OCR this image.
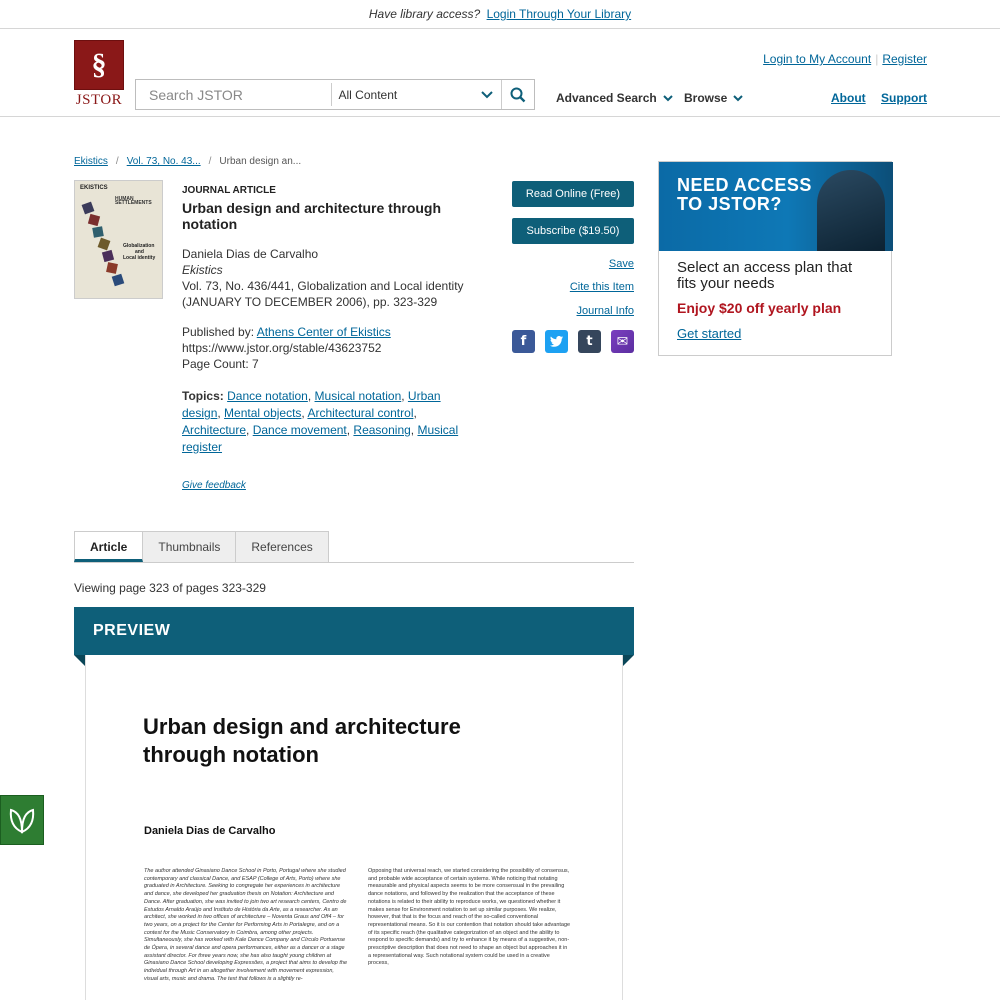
Have library access? Login Through Your Library
§
JSTOR
Search JSTOR	All Content	Advanced Search Browse
Login to My Account | Register
About Support
Ekistics / Vol. 73, No. 43... / Urban design an...
EKISTICS
HUMAN SETTLEMENTS
Globalization
and
Local identity
JOURNAL ARTICLE
Urban design and architecture through notation
Daniela Dias de Carvalho
Ekistics
Vol. 73, No. 436/441, Globalization and Local identity (JANUARY TO DECEMBER 2006), pp. 323-329
Published by: Athens Center of Ekistics
https://www.jstor.org/stable/43623752
Page Count: 7
Topics: Dance notation, Musical notation, Urban design, Mental objects, Architectural control, Architecture, Dance movement, Reasoning, Musical register
Give feedback
Read Online (Free)
Subscribe ($19.50)
Save
Cite this Item
Journal Info
f	t ✉
NEED ACCESS
TO JSTOR?
Select an access plan that fits your needs
Enjoy $20 off yearly plan
Get started
Article	Thumbnails	References
Viewing page 323 of pages 323-329
PREVIEW
Urban design and architecture
through notation
Daniela Dias de Carvalho
The author attended Ginasiano Dance School in Porto, Portugal where she studied contemporary and classical Dance, and ESAP (College of Arts, Porto) where she graduated in Architecture. Seeking to congregate her experiences in architecture and dance, she developed her graduation thesis on Notation: Architecture and Dance. After graduation, she was invited to join two art research centers, Centro de Estudos Arnaldo Araújo and Instituto de História da Arte, as a researcher. As an architect, she worked in two offices of architecture – Noventa Graus and Off4 – for two years, on a project for the Center for Performing Arts in Portalegre, and on a contest for the Music Conservatory in Coimbra, among other projects. Simultaneously, she has worked with Kale Dance Company and Círculo Portuense de Ópera, in several dance and opera performances, either as a dancer or a stage assistant director. For three years now, she has also taught young children at Ginasiano Dance School developing Expressões, a project that aims to develop the individual through Art in an altogether involvement with movement expression, visual arts, music and drama. The text that follows is a slightly re-
Opposing that universal reach, we started considering the possibility of consensus, and probable wide acceptance of certain systems. While noticing that notating measurable and physical aspects seems to be more consensual in the prevailing dance notations, and followed by the realization that the acceptance of these notations is related to their ability to reproduce works, we questioned whether it makes sense for Environment notation to set up similar purposes. We realize, however, that that is the focus and reach of the so-called conventional representational means. So it is our contention that notation should take advantage of its specific reach (the qualitative categorization of an object and the ability to respond to specific demands) and try to enhance it by means of a suggestive, non-prescriptive description that does not need to shape an object but approaches it in a representational way. Such notational system could be used in a creative process,
